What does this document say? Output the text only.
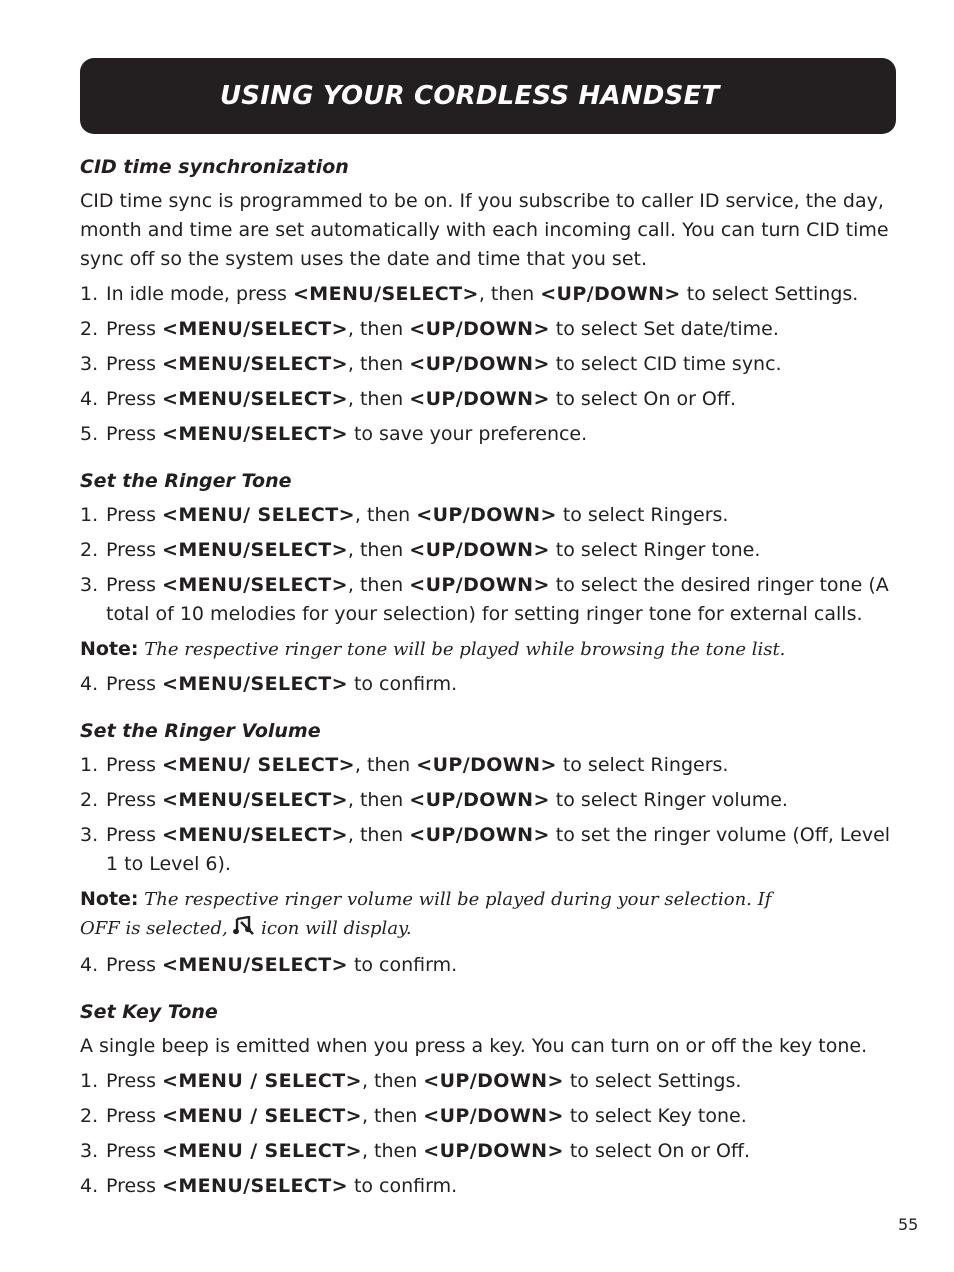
USING YOUR CORDLESS HANDSET

CID time synchronization

CID time sync is programmed to be on. If you subscribe to caller ID service, the day, month and time are set automatically with each incoming call. You can turn CID time sync off so the system uses the date and time that you set.

1. In idle mode, press <MENU/SELECT>, then <UP/DOWN> to select Settings.
2. Press <MENU/SELECT>, then <UP/DOWN> to select Set date/time.
3. Press <MENU/SELECT>, then <UP/DOWN> to select CID time sync.
4. Press <MENU/SELECT>, then <UP/DOWN> to select On or Off.
5. Press <MENU/SELECT> to save your preference.

Set the Ringer Tone

1. Press <MENU/ SELECT>, then <UP/DOWN> to select Ringers.
2. Press <MENU/SELECT>, then <UP/DOWN> to select Ringer tone.
3. Press <MENU/SELECT>, then <UP/DOWN> to select the desired ringer tone (A total of 10 melodies for your selection) for setting ringer tone for external calls.

Note: The respective ringer tone will be played while browsing the tone list.

4. Press <MENU/SELECT> to confirm.

Set the Ringer Volume

1. Press <MENU/ SELECT>, then <UP/DOWN> to select Ringers.
2. Press <MENU/SELECT>, then <UP/DOWN> to select Ringer volume.
3. Press <MENU/SELECT>, then <UP/DOWN> to set the ringer volume (Off, Level 1 to Level 6).

Note: The respective ringer volume will be played during your selection. If OFF is selected,  icon will display.

4. Press <MENU/SELECT> to confirm.

Set Key Tone

A single beep is emitted when you press a key. You can turn on or off the key tone.

1. Press <MENU / SELECT>, then <UP/DOWN> to select Settings.
2. Press <MENU / SELECT>, then <UP/DOWN> to select Key tone.
3. Press <MENU / SELECT>, then <UP/DOWN> to select On or Off.
4. Press <MENU/SELECT> to confirm.
55
